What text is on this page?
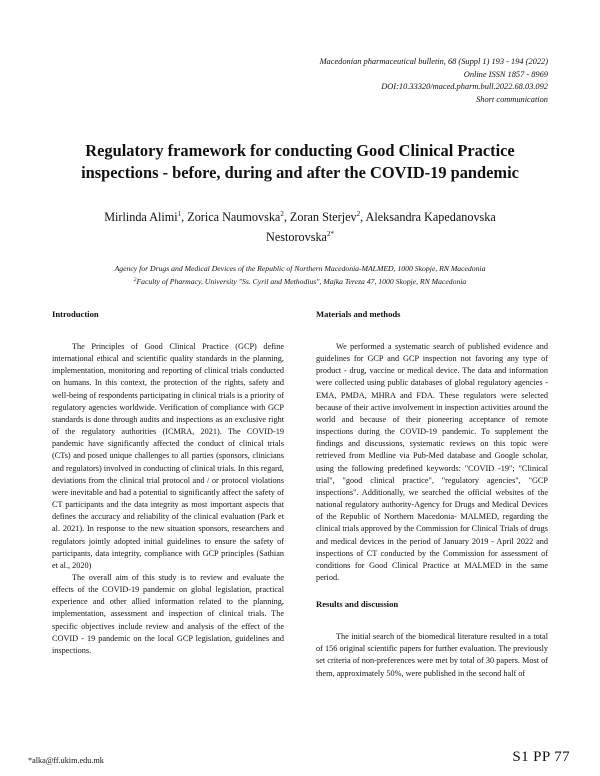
Macedonian pharmaceutical bulletin, 68 (Suppl 1) 193 - 194 (2022)
Online ISSN 1857 - 8969
DOI:10.33320/maced.pharm.bull.2022.68.03.092
Short communication
Regulatory framework for conducting Good Clinical Practice
inspections - before, during and after the COVID-19 pandemic
Mirlinda Alimi$^1$, Zorica Naumovska$^2$, Zoran Sterjev$^2$, Aleksandra Kapedanovska
Nestorovska$^{2*}$
Agency for Drugs and Medical Devices of the Republic of Northern Macedonia-MALMED, 1000 Skopje, RN Macedonia
$^2$Faculty of Pharmacy, University "Ss. Cyril and Methodius", Majka Tereza 47, 1000 Skopje, RN Macedonia
Introduction

The Principles of Good Clinical Practice (GCP) define international ethical and scientific quality standards in the planning, implementation, monitoring and reporting of clinical trials conducted on humans. In this context, the protection of the rights, safety and well-being of respondents participating in clinical trials is a priority of regulatory agencies worldwide. Verification of compliance with GCP standards is done through audits and inspections as an exclusive right of the regulatory authorities (ICMRA, 2021). The COVID-19 pandemic have significantly affected the conduct of clinical trials (CTs) and posed unique challenges to all parties (sponsors, clinicians and regulators) involved in conducting of clinical trials. In this regard, deviations from the clinical trial protocol and / or protocol violations were inevitable and had a potential to significantly affect the safety of CT participants and the data integrity as most important aspects that defines the accuracy and reliability of the clinical evaluation (Park et al. 2021). In response to the new situation sponsors, researchers and regulators jointly adopted initial guidelines to ensure the safety of participants, data integrity, compliance with GCP principles (Sathian et al., 2020)

The overall aim of this study is to review and evaluate the effects of the COVID-19 pandemic on global legislation, practical experience and other allied information related to the planning, implementation, assessment and inspection of clinical trials. The specific objectives include review and analysis of the effect of the COVID - 19 pandemic on the local GCP legislation, guidelines and inspections.

Materials and methods

We performed a systematic search of published evidence and guidelines for GCP and GCP inspection not favoring any type of product - drug, vaccine or medical device. The data and information were collected using public databases of global regulatory agencies - EMA, PMDA, MHRA and FDA. These regulators were selected because of their active involvement in inspection activities around the world and because of their pioneering acceptance of remote inspections during the COVID-19 pandemic. To supplement the findings and discussions, systematic reviews on this topic were retrieved from Medline via Pub-Med database and Google scholar, using the following predefined keywords: "COVID -19"; "Clinical trial", "good clinical practice", "regulatory agencies", "GCP inspections". Additionally, we searched the official websites of the national regulatory authority-Agency for Drugs and Medical Devices of the Republic of Northern Macedonia- MALMED, regarding the clinical trials approved by the Commission for Clinical Trials of drugs and medical devices in the period of January 2019 - April 2022 and inspections of CT conducted by the Commission for assessment of conditions for Good Clinical Practice at MALMED in the same period.

Results and discussion

The initial search of the biomedical literature resulted in a total of 156 original scientific papers for further evaluation. The previously set criteria of non-preferences were met by total of 30 papers. Most of them, approximately 50%, were published in the second half of

*alka@ff.ukim.edu.mk	S1 PP 77
